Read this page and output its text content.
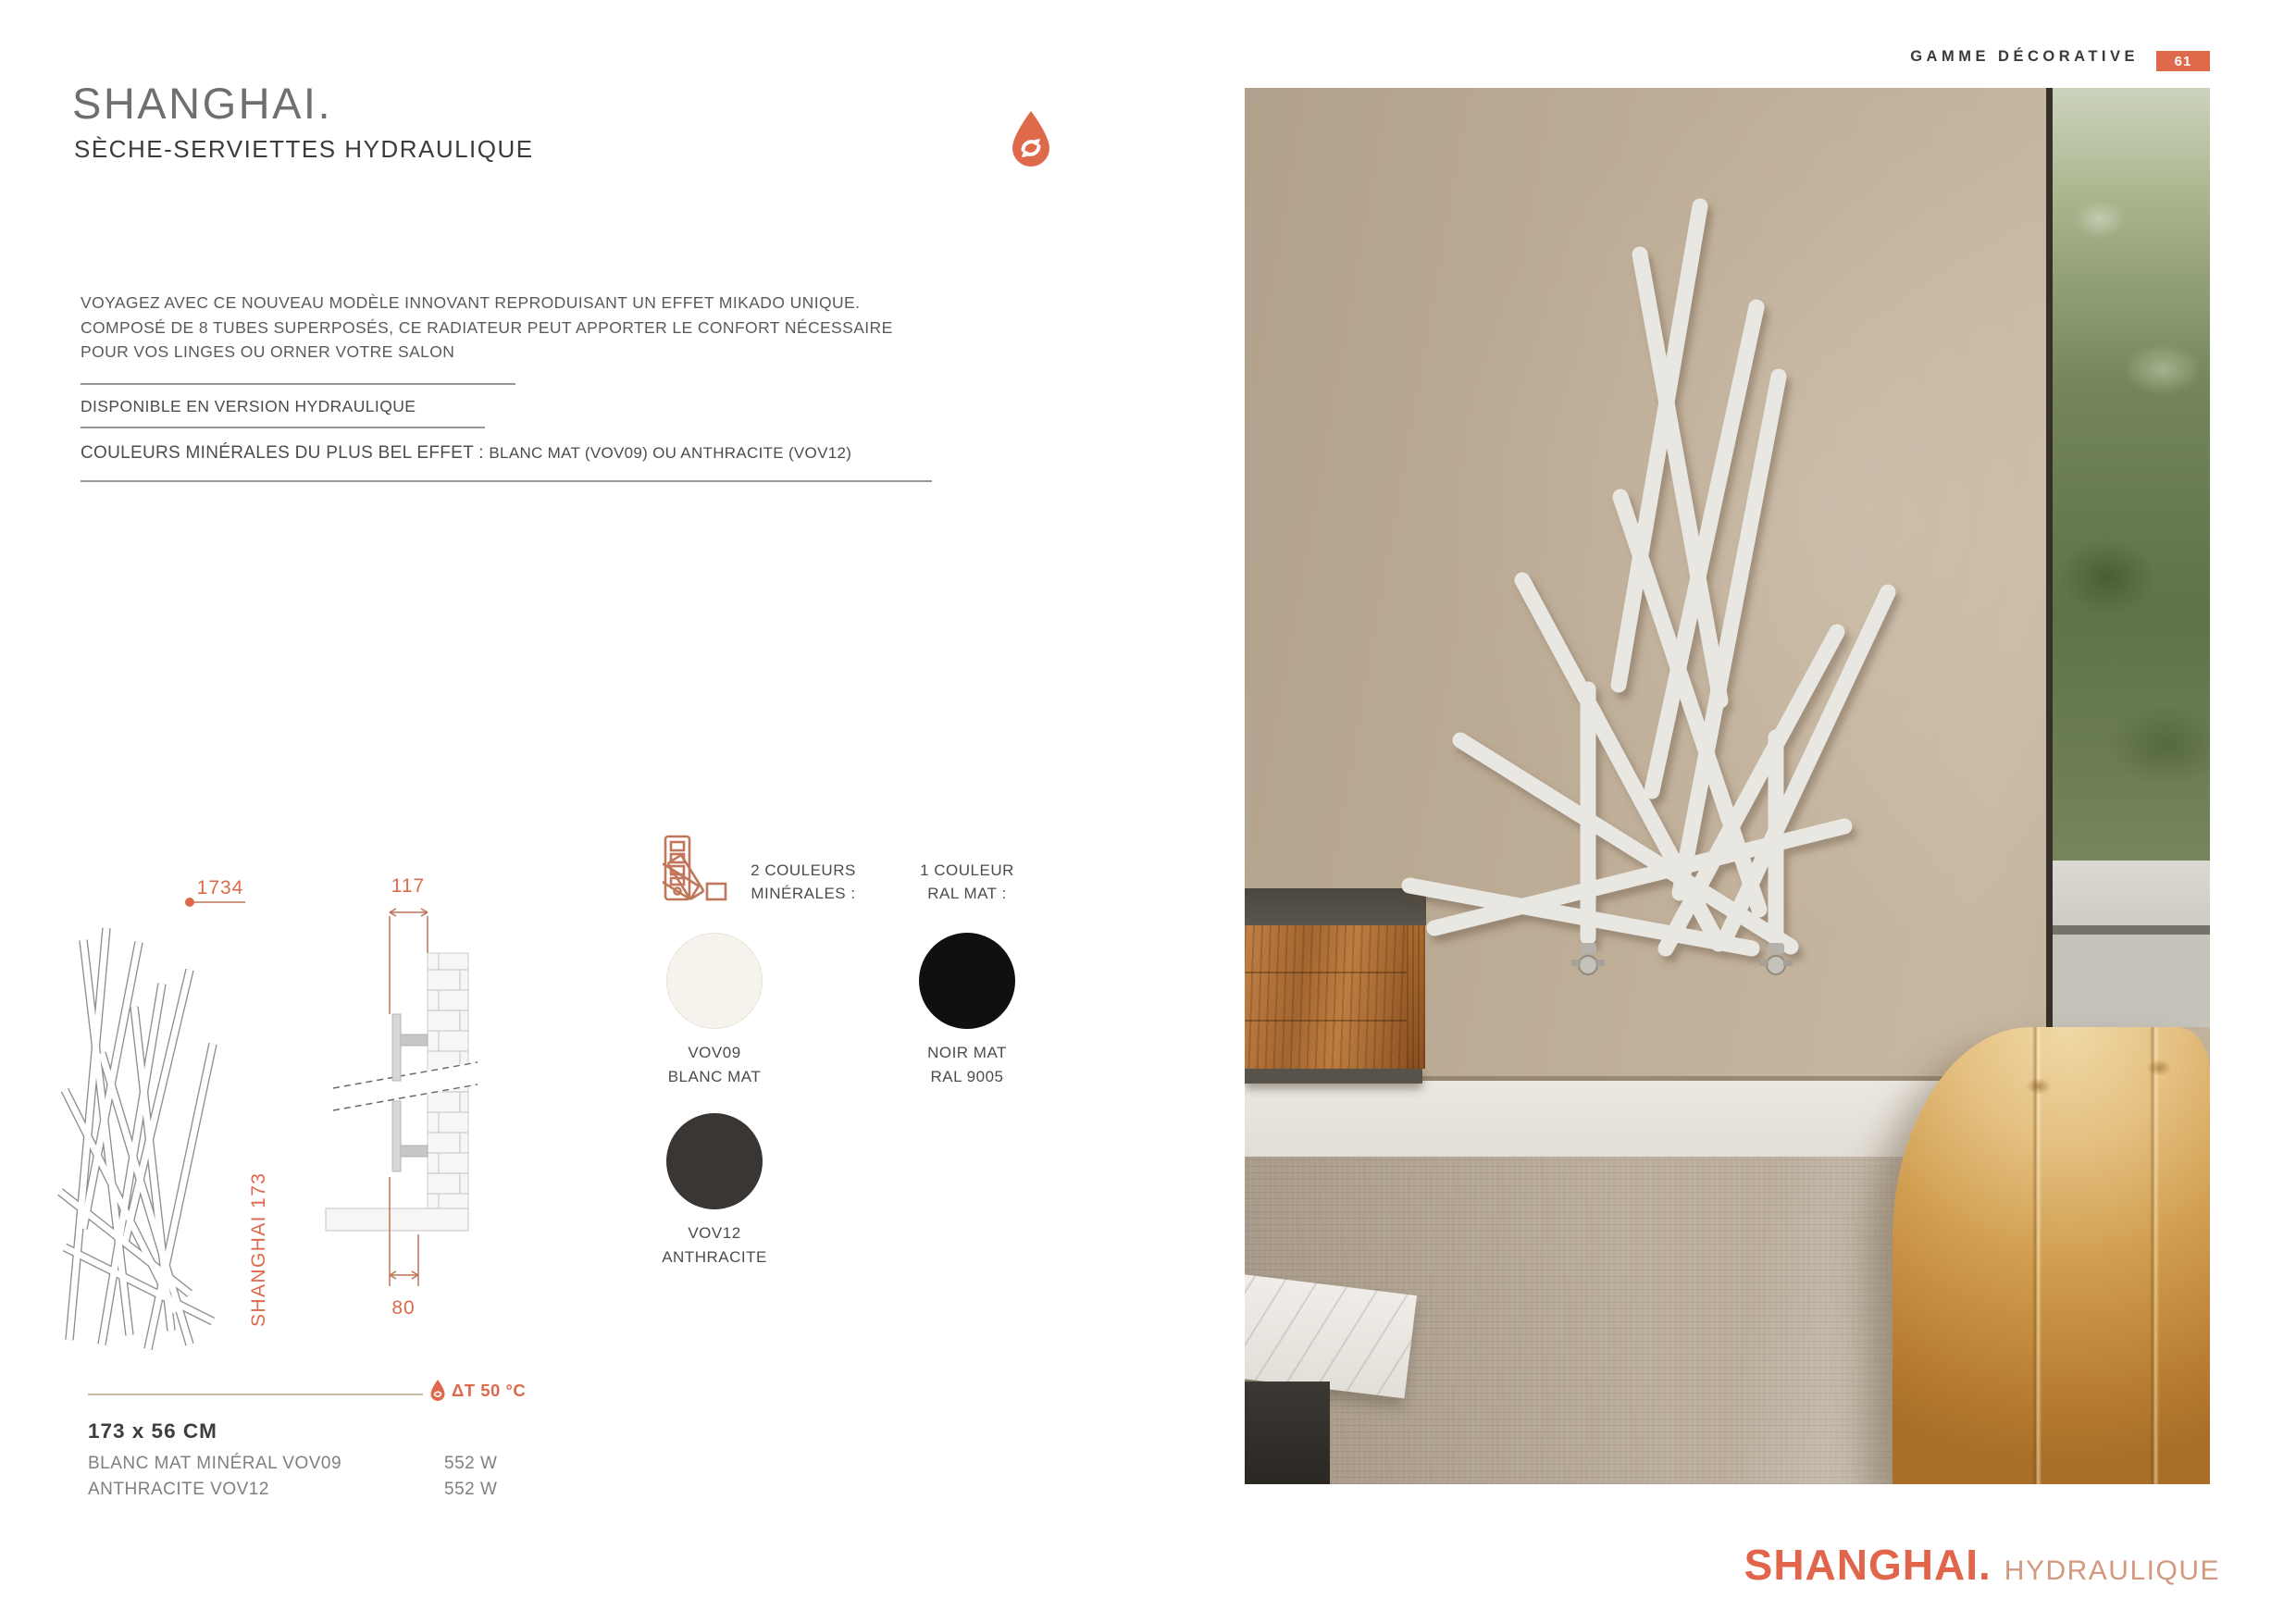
GAMME DÉCORATIVE	61
SHANGHAI.
SÈCHE-SERVIETTES HYDRAULIQUE
VOYAGEZ AVEC CE NOUVEAU MODÈLE INNOVANT REPRODUISANT UN EFFET MIKADO UNIQUE.
COMPOSÉ DE 8 TUBES SUPERPOSÉS, CE RADIATEUR PEUT APPORTER LE CONFORT NÉCESSAIRE
POUR VOS LINGES OU ORNER VOTRE SALON
DISPONIBLE EN VERSION HYDRAULIQUE
COULEURS MINÉRALES DU PLUS BEL EFFET : BLANC MAT (VOV09) OU ANTHRACITE (VOV12)
1734	117
80
SHANGHAI 173
2 COULEURS
MINÉRALES :
1 COULEUR
RAL MAT :
VOV09
BLANC MAT
NOIR MAT
RAL 9005
VOV12
ANTHRACITE
ΔT 50 °C
173 x 56 CM
BLANC MAT MINÉRAL VOV09	552 W
ANTHRACITE VOV12	552 W
SHANGHAI. HYDRAULIQUE
